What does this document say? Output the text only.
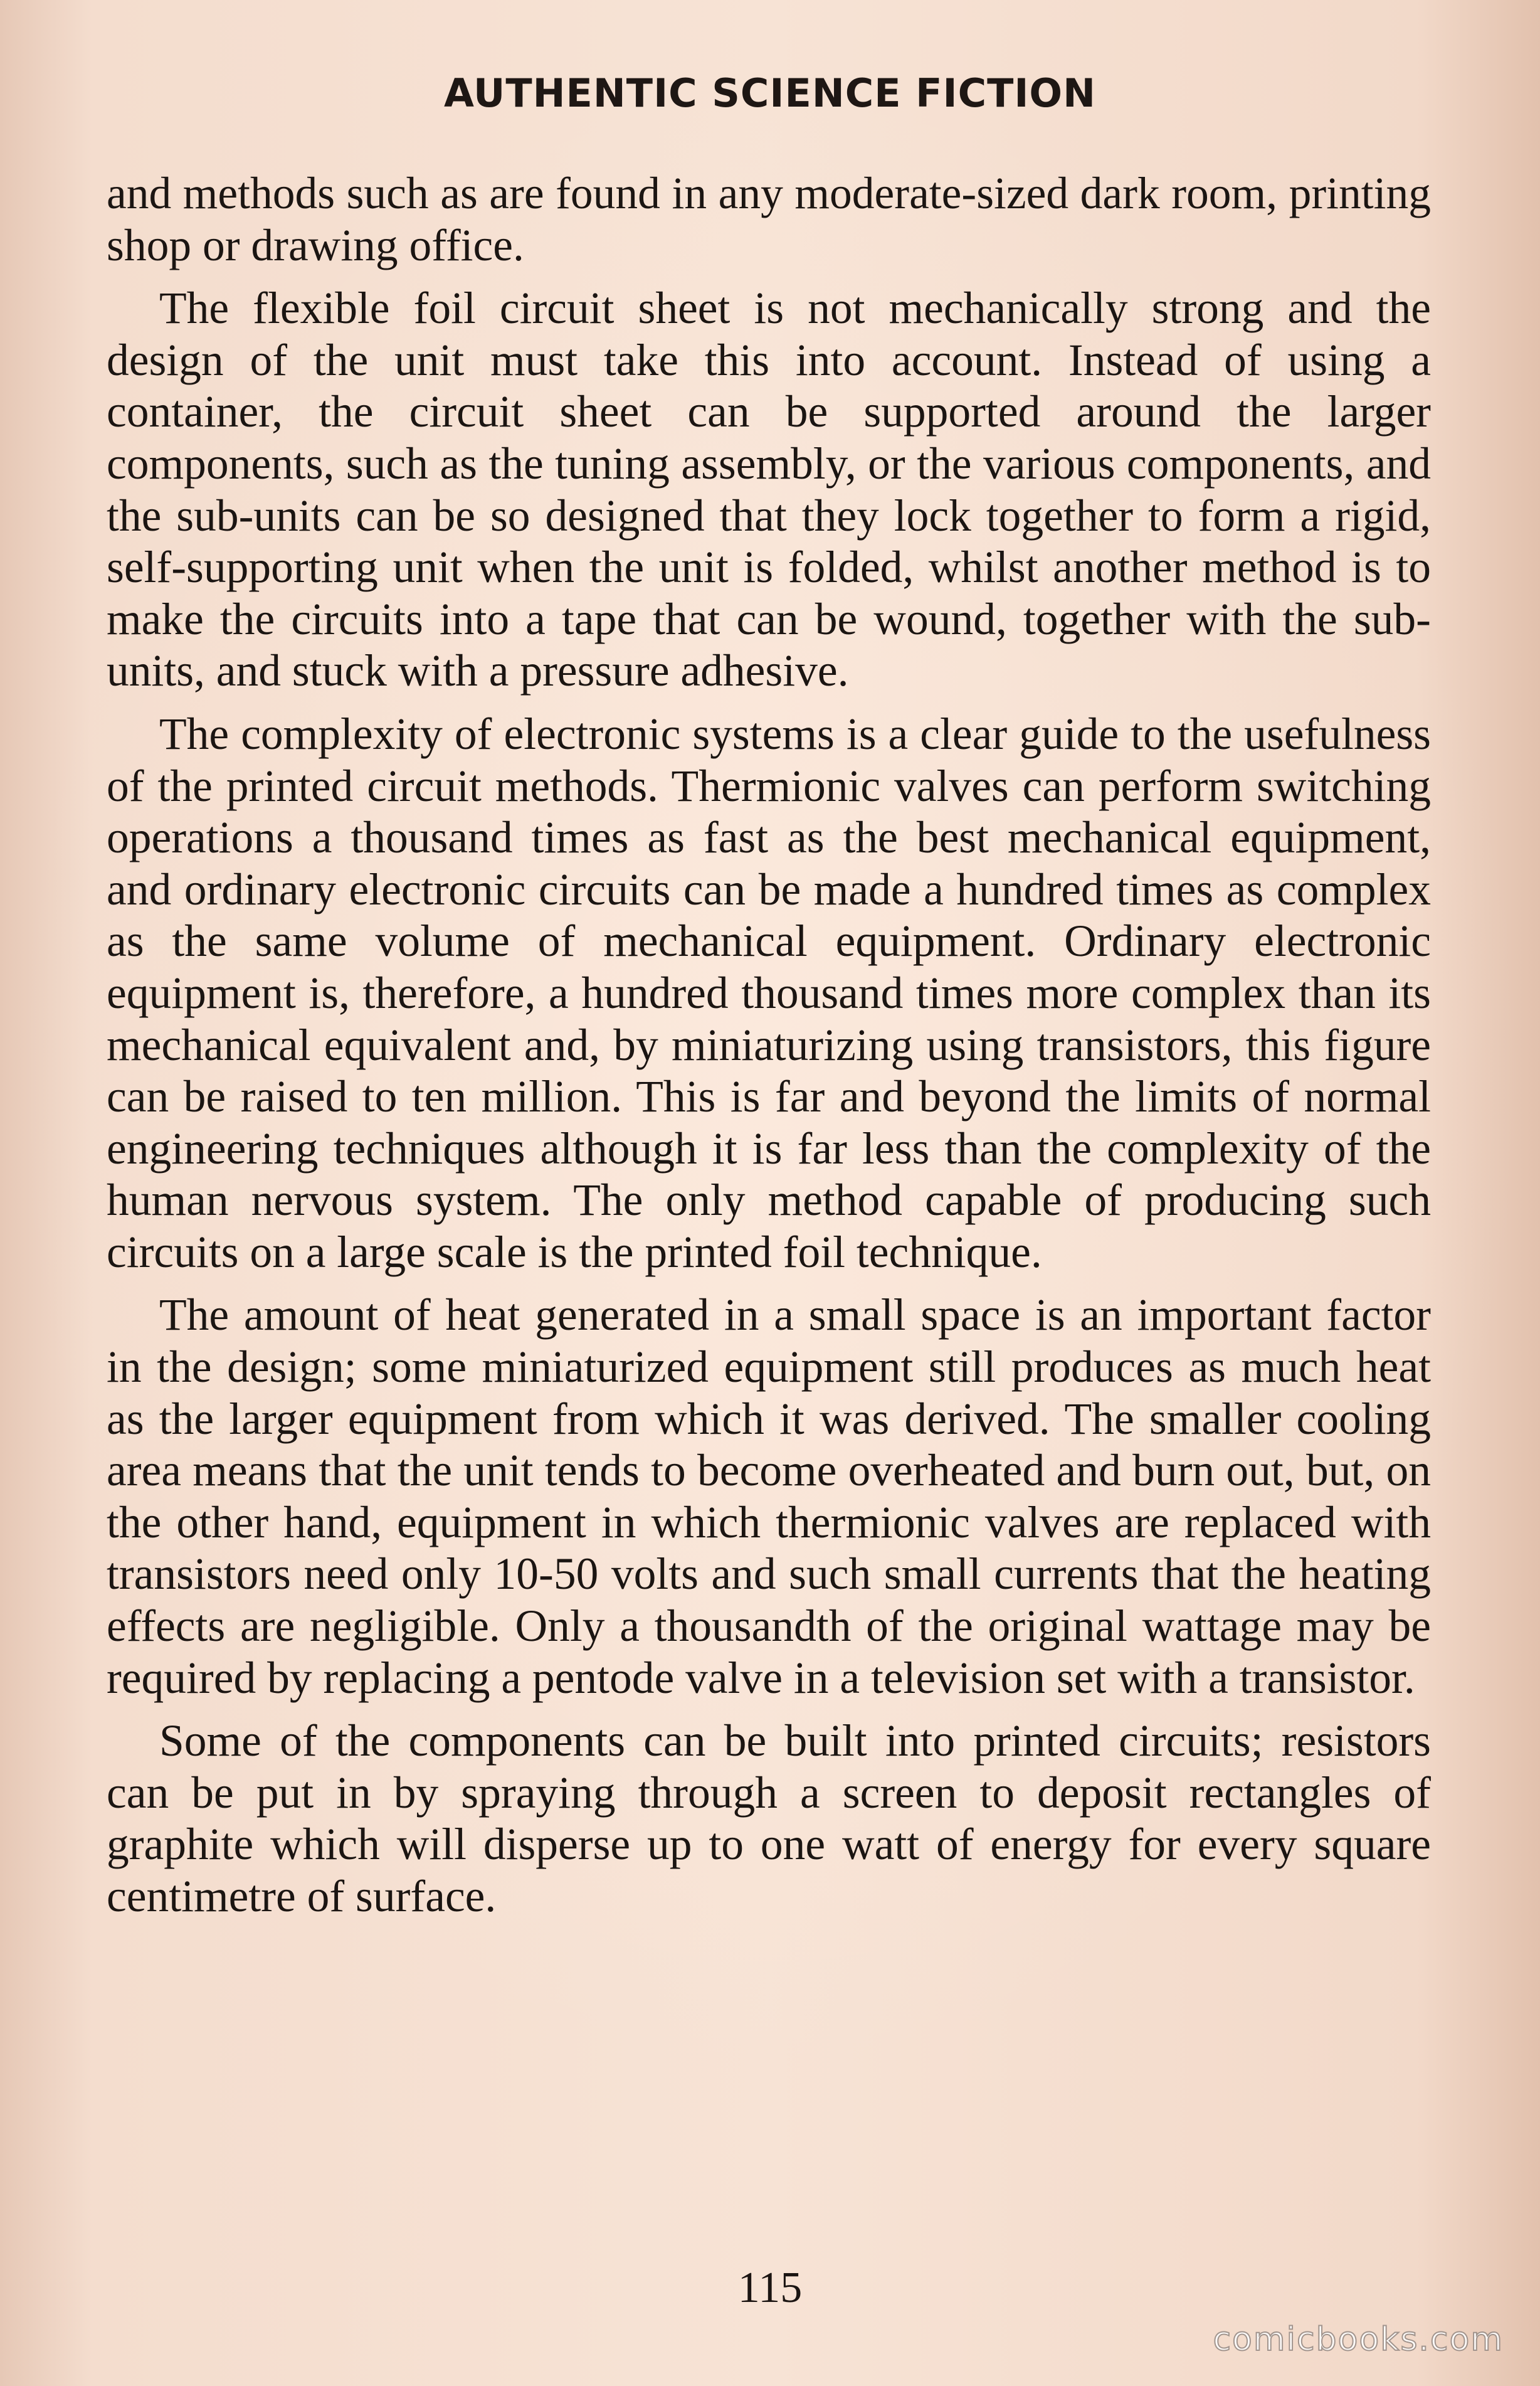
AUTHENTIC SCIENCE FICTION

and methods such as are found in any moderate-sized dark room, printing shop or drawing office.

The flexible foil circuit sheet is not mechanically strong and the design of the unit must take this into account. Instead of using a container, the circuit sheet can be supported around the larger components, such as the tuning assembly, or the various components, and the sub-units can be so designed that they lock together to form a rigid, self-supporting unit when the unit is folded, whilst another method is to make the circuits into a tape that can be wound, together with the sub-units, and stuck with a pressure adhesive.

The complexity of electronic systems is a clear guide to the usefulness of the printed circuit methods. Thermionic valves can perform switching operations a thousand times as fast as the best mechanical equipment, and ordinary electronic circuits can be made a hundred times as complex as the same volume of mechanical equipment. Ordinary electronic equipment is, therefore, a hundred thousand times more complex than its mechanical equivalent and, by miniaturizing using transistors, this figure can be raised to ten million. This is far and beyond the limits of normal engineering techniques although it is far less than the complexity of the human nervous system. The only method capable of producing such circuits on a large scale is the printed foil technique.

The amount of heat generated in a small space is an important factor in the design; some miniaturized equipment still produces as much heat as the larger equipment from which it was derived. The smaller cooling area means that the unit tends to become overheated and burn out, but, on the other hand, equipment in which thermionic valves are replaced with transistors need only 10-50 volts and such small currents that the heating effects are negligible. Only a thousandth of the original wattage may be required by replacing a pentode valve in a television set with a transistor.

Some of the components can be built into printed circuits; resistors can be put in by spraying through a screen to deposit rectangles of graphite which will disperse up to one watt of energy for every square centimetre of surface.

115
comicbooks.com
